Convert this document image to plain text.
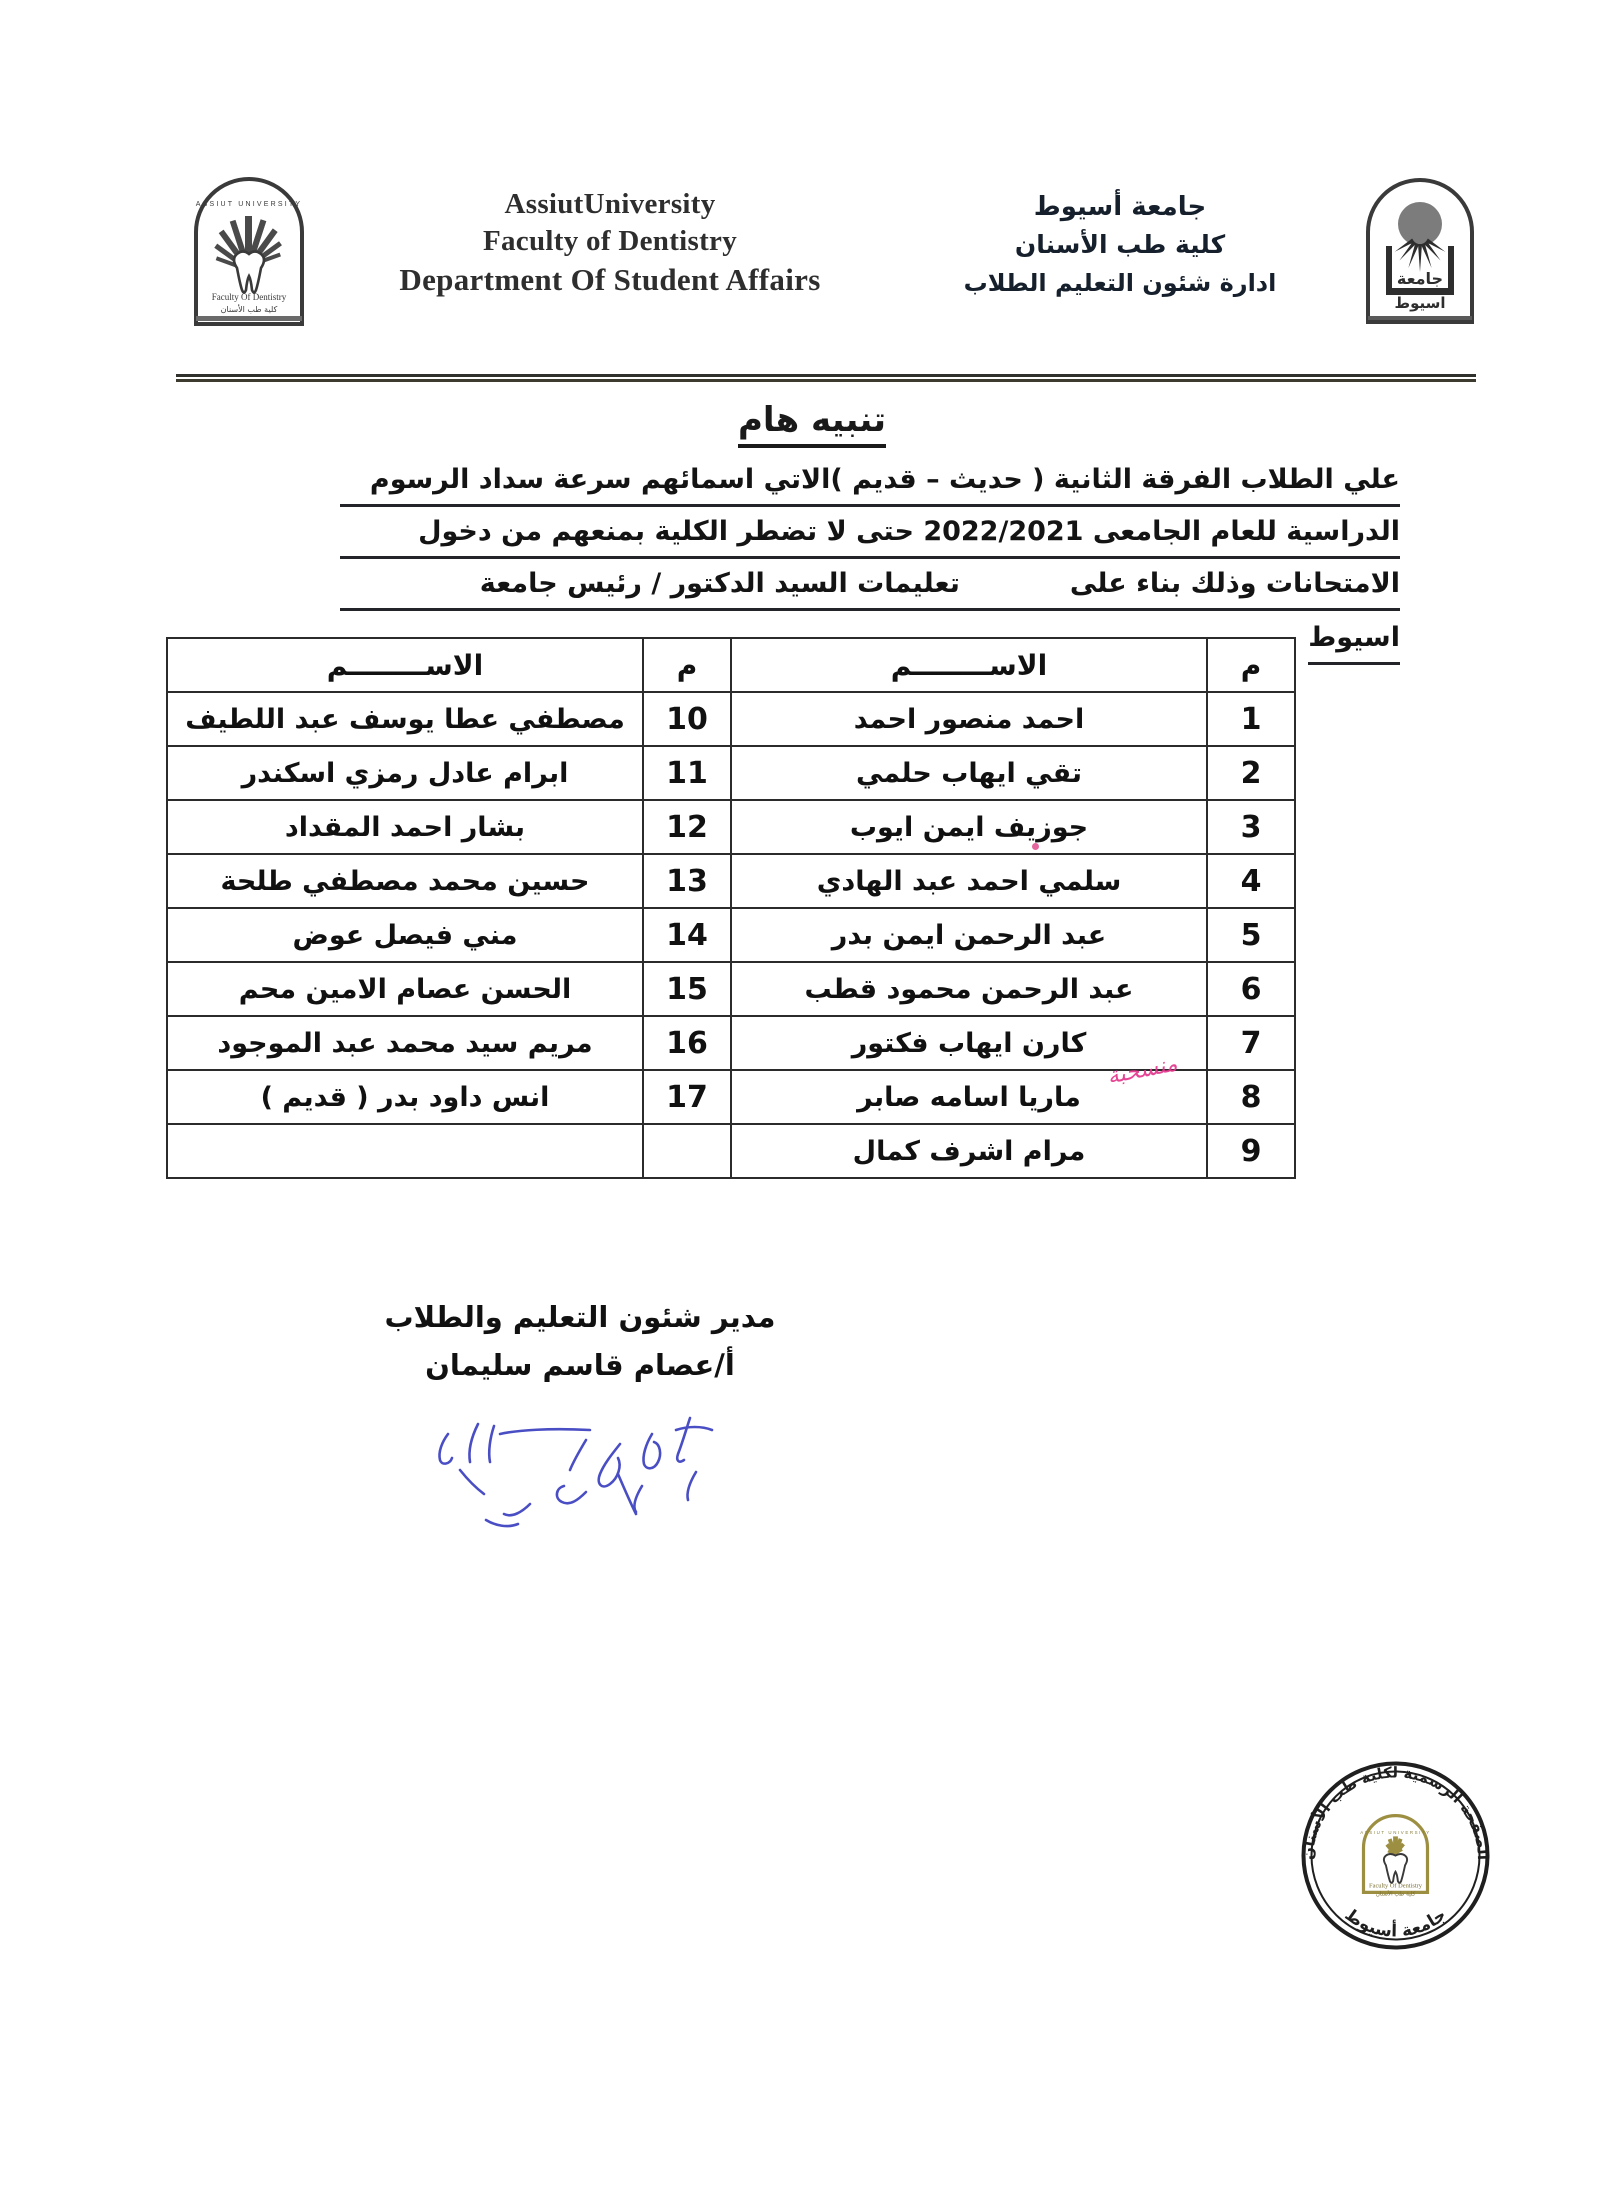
ASSIUT UNIVERSITY
Faculty Of Dentistry
كلية طب الأسنان
AssiutUniversity
Faculty of Dentistry
Department Of Student Affairs
جامعة أسيوط
كلية طب الأسنان
ادارة شئون التعليم الطلاب	جامعة
اسيوط
تنبيه هام
علي الطلاب الفرقة الثانية ( حديث – قديم )الاتي اسمائهم سرعة سداد الرسوم
الدراسية للعام الجامعى 2022/2021 حتى لا تضطر الكلية بمنعهم من دخول
الامتحانات وذلك بناء علىتعليمات السيد الدكتور / رئيس جامعة
اسيوط
م	الاســــــــم	م	الاســــــــم
1	احمد منصور احمد	10	مصطفي عطا يوسف عبد اللطيف
2	تقي ايهاب حلمي	11	ابرام عادل رمزي اسكندر
3	جوزيف ايمن ايوب	12	بشار احمد المقداد
4	سلمي احمد عبد الهادي	13	حسين محمد مصطفي طلحة
5	عبد الرحمن ايمن بدر	14	مني فيصل عوض
6	عبد الرحمن محمود قطب	15	الحسن عصام الامين محم
7	كارن ايهاب فكتور	16	مريم سيد محمد عبد الموجود
8	ماريا اسامه صابر	17	انس داود بدر ( قديم )
9	مرام اشرف كمال		
منسحبة
مدير شئون التعليم والطلاب
أ/عصام قاسم سليمان
الصفحة الرسمية لكلية طب الأسنان
جامعة أسيوط
ASSIUT UNIVERSITY
Faculty Of Dentistry
كلية طب الأسنان
